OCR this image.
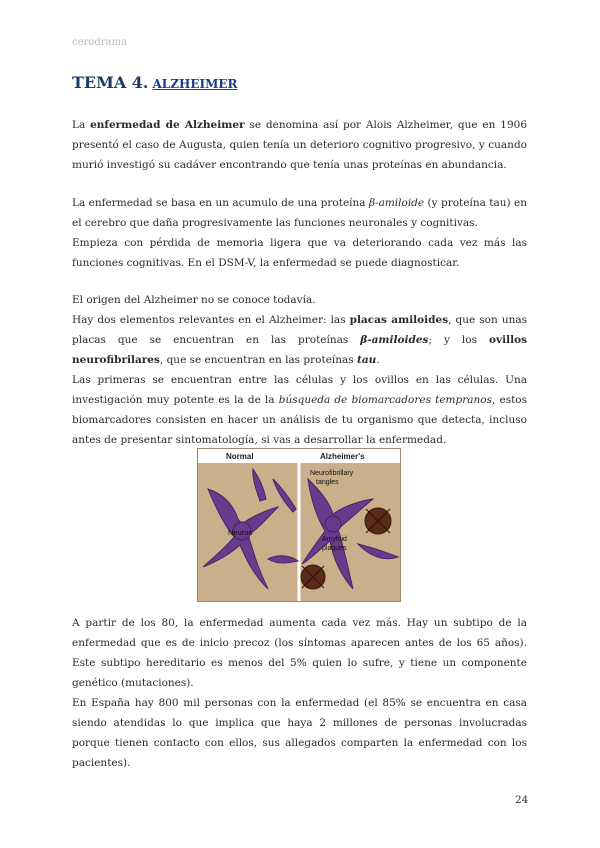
cerodrama
TEMA 4. ALZHEIMER
La enfermedad de Alzheimer se denomina así por Alois Alzheimer, que en 1906 presentó el caso de Augusta, quien tenía un deterioro cognitivo progresivo, y cuando murió investigó su cadáver encontrando que tenía unas proteínas en abundancia.
La enfermedad se basa en un acumulo de una proteína β-amiloide (y proteína tau) en el cerebro que daña progresivamente las funciones neuronales y cognitivas.
Empieza con pérdida de memoria ligera que va deteriorando cada vez más las funciones cognitivas. En el DSM-V, la enfermedad se puede diagnosticar.
El origen del Alzheimer no se conoce todavía.
Hay dos elementos relevantes en el Alzheimer: las placas amiloides, que son unas placas que se encuentran en las proteínas β-amiloides; y los ovillos neurofibrilares, que se encuentran en las proteínas tau.
Las primeras se encuentran entre las células y los ovillos en las células. Una investigación muy potente es la de la búsqueda de biomarcadores tempranos, estos biomarcadores consisten en hacer un análisis de tu organismo que detecta, incluso antes de presentar sintomatología, si vas a desarrollar la enfermedad.
Normal	Alzheimer's
Neuron
Neurofibrillary
tangles
Amyloid
plaques
A partir de los 80, la enfermedad aumenta cada vez más. Hay un subtipo de la enfermedad que es de inicio precoz (los síntomas aparecen antes de los 65 años). Este subtipo hereditario es menos del 5% quien lo sufre, y tiene un componente genético (mutaciones).
En España hay 800 mil personas con la enfermedad (el 85% se encuentra en casa siendo atendidas lo que implica que haya 2 millones de personas involucradas porque tienen contacto con ellos, sus allegados comparten la enfermedad con los pacientes).
24
